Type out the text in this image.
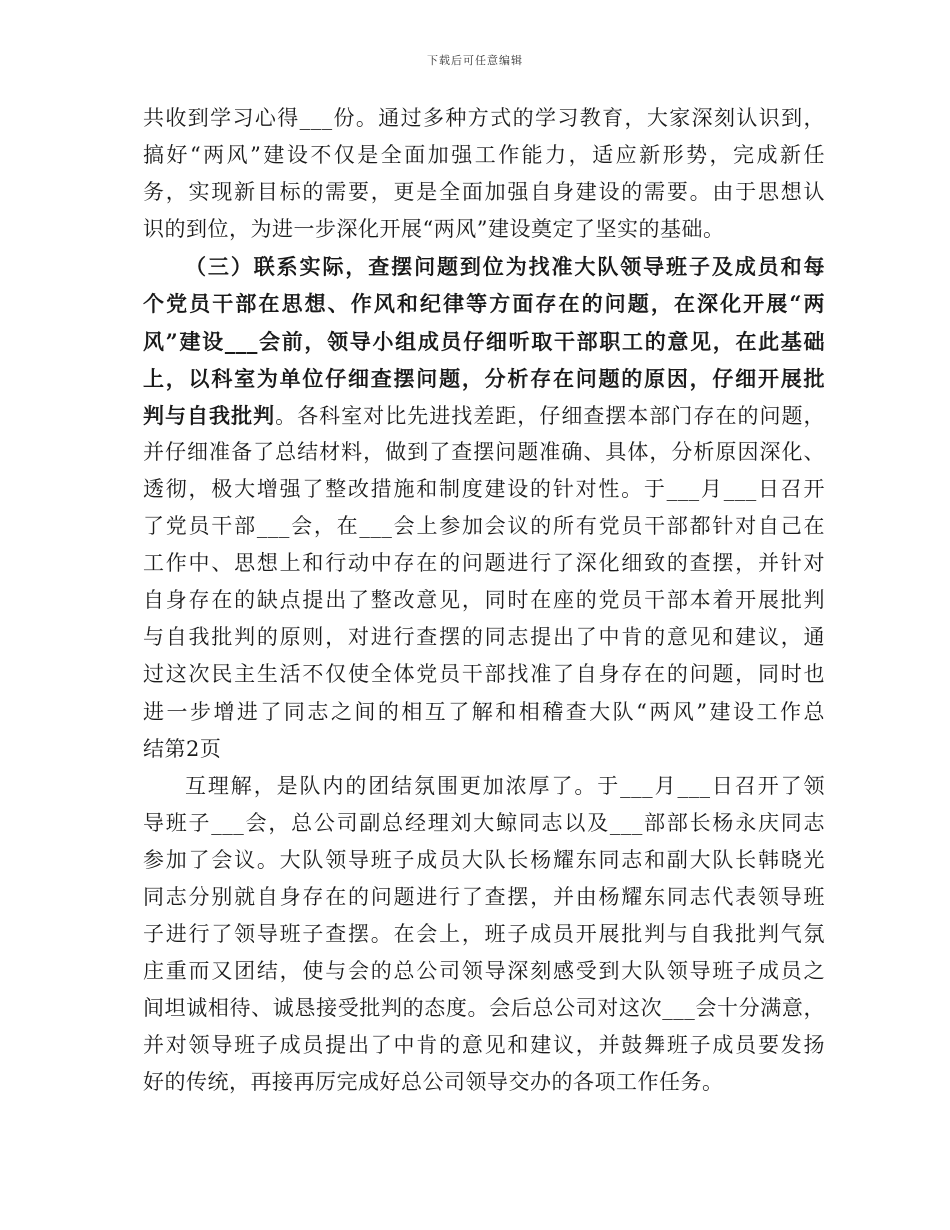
下载后可任意编辑
共收到学习心得___份。通过多种方式的学习教育，大家深刻认识到，
搞好“两风”建设不仅是全面加强工作能力，适应新形势，完成新任
务，实现新目标的需要，更是全面加强自身建设的需要。由于思想认
识的到位，为进一步深化开展“两风”建设奠定了坚实的基础。
（三）联系实际，查摆问题到位为找准大队领导班子及成员和每
个党员干部在思想、作风和纪律等方面存在的问题，在深化开展“两
风”建设___会前，领导小组成员仔细听取干部职工的意见，在此基础
上，以科室为单位仔细查摆问题，分析存在问题的原因，仔细开展批
判与自我批判。各科室对比先进找差距，仔细查摆本部门存在的问题，
并仔细准备了总结材料，做到了查摆问题准确、具体，分析原因深化、
透彻，极大增强了整改措施和制度建设的针对性。于___月___日召开
了党员干部___会，在___会上参加会议的所有党员干部都针对自己在
工作中、思想上和行动中存在的问题进行了深化细致的查摆，并针对
自身存在的缺点提出了整改意见，同时在座的党员干部本着开展批判
与自我批判的原则，对进行查摆的同志提出了中肯的意见和建议，通
过这次民主生活不仅使全体党员干部找准了自身存在的问题，同时也
进一步增进了同志之间的相互了解和相稽查大队“两风”建设工作总
结第2页
互理解，是队内的团结氛围更加浓厚了。于___月___日召开了领
导班子___会，总公司副总经理刘大鲸同志以及___部部长杨永庆同志
参加了会议。大队领导班子成员大队长杨耀东同志和副大队长韩晓光
同志分别就自身存在的问题进行了查摆，并由杨耀东同志代表领导班
子进行了领导班子查摆。在会上，班子成员开展批判与自我批判气氛
庄重而又团结，使与会的总公司领导深刻感受到大队领导班子成员之
间坦诚相待、诚恳接受批判的态度。会后总公司对这次___会十分满意，
并对领导班子成员提出了中肯的意见和建议，并鼓舞班子成员要发扬
好的传统，再接再厉完成好总公司领导交办的各项工作任务。
